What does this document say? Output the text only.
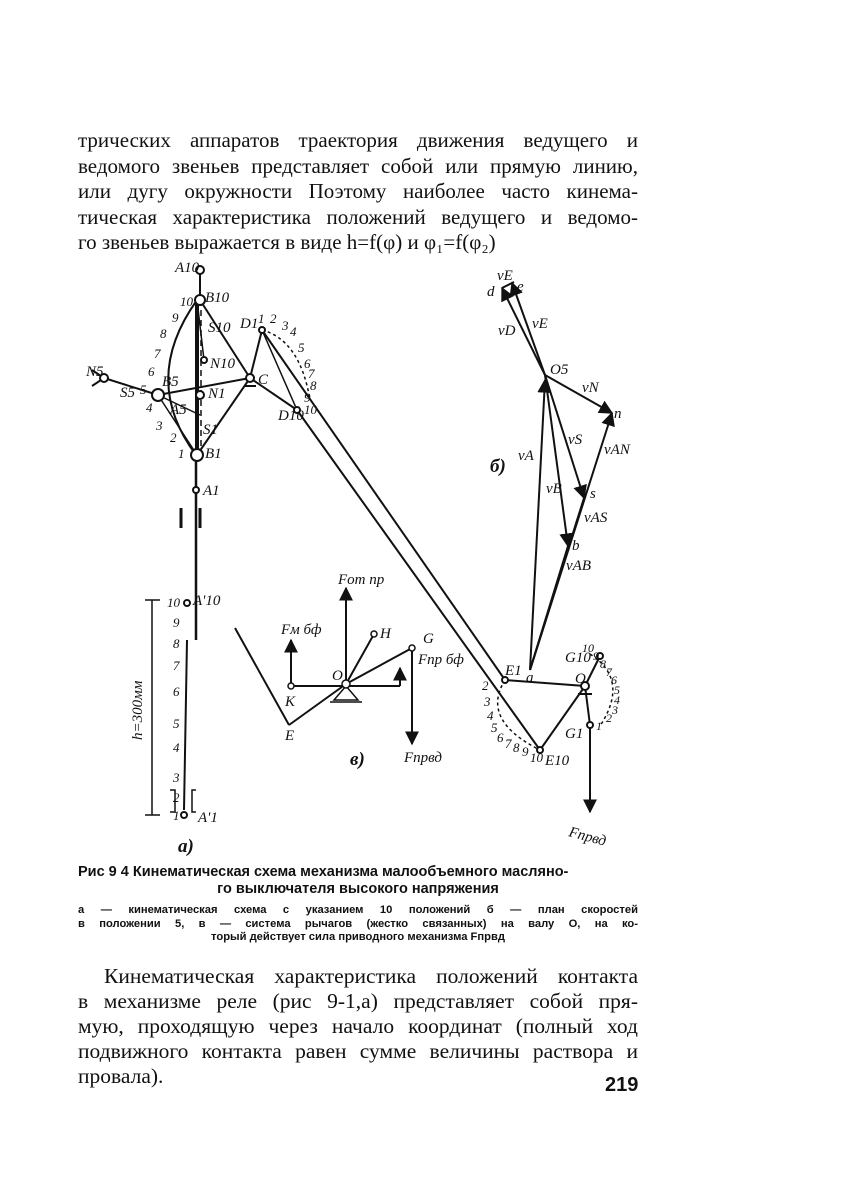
трических аппаратов траектория движения ведущего и
ведомого звеньев представляет собой или прямую линию,
или дугу окружности Поэтому наиболее часто кинема-
тическая характеристика положений ведущего и ведомо-
го звеньев выражается в виде h=f(φ) и φ₁=f(φ₂)
A10
B10
S10
N10
N5
S5
B5
A5
N1
S1
B1
A1
A'10
A'1
C
D1
D10
E1
E10
10
9
8
7
6
5
4
3
2
1
10
9
8
7
6
5
4
3
2
1
h=300мм
1 2 3 4
5
6
7
8
9
10
2
3
4
5
6 7 8 9 10
10
9
8
7
6
5
4
3
2
1
O
G10
G1
Fпрвд
а)
vE
d e
vE
vD
O5
vN
n
vS
vAN
s
vA
vB
vAS
b
vAB
a
б)
K
O
H G
E
Fот пр
Fм бф
Fпр бф
Fпрвд
в)
Рис 9 4 Кинематическая схема механизма малообъемного масляно-
го выключателя высокого напряжения
а — кинематическая схема с указанием 10 положений б — план скоростей
в положении 5, в — система рычагов (жестко связанных) на валу О, на ко-
торый действует сила приводного механизма Fпрвд
Кинематическая характеристика положений контакта
в механизме реле (рис 9-1,а) представляет собой пря-
мую, проходящую через начало координат (полный ход
подвижного контакта равен сумме величины раствора и
провала).	219
